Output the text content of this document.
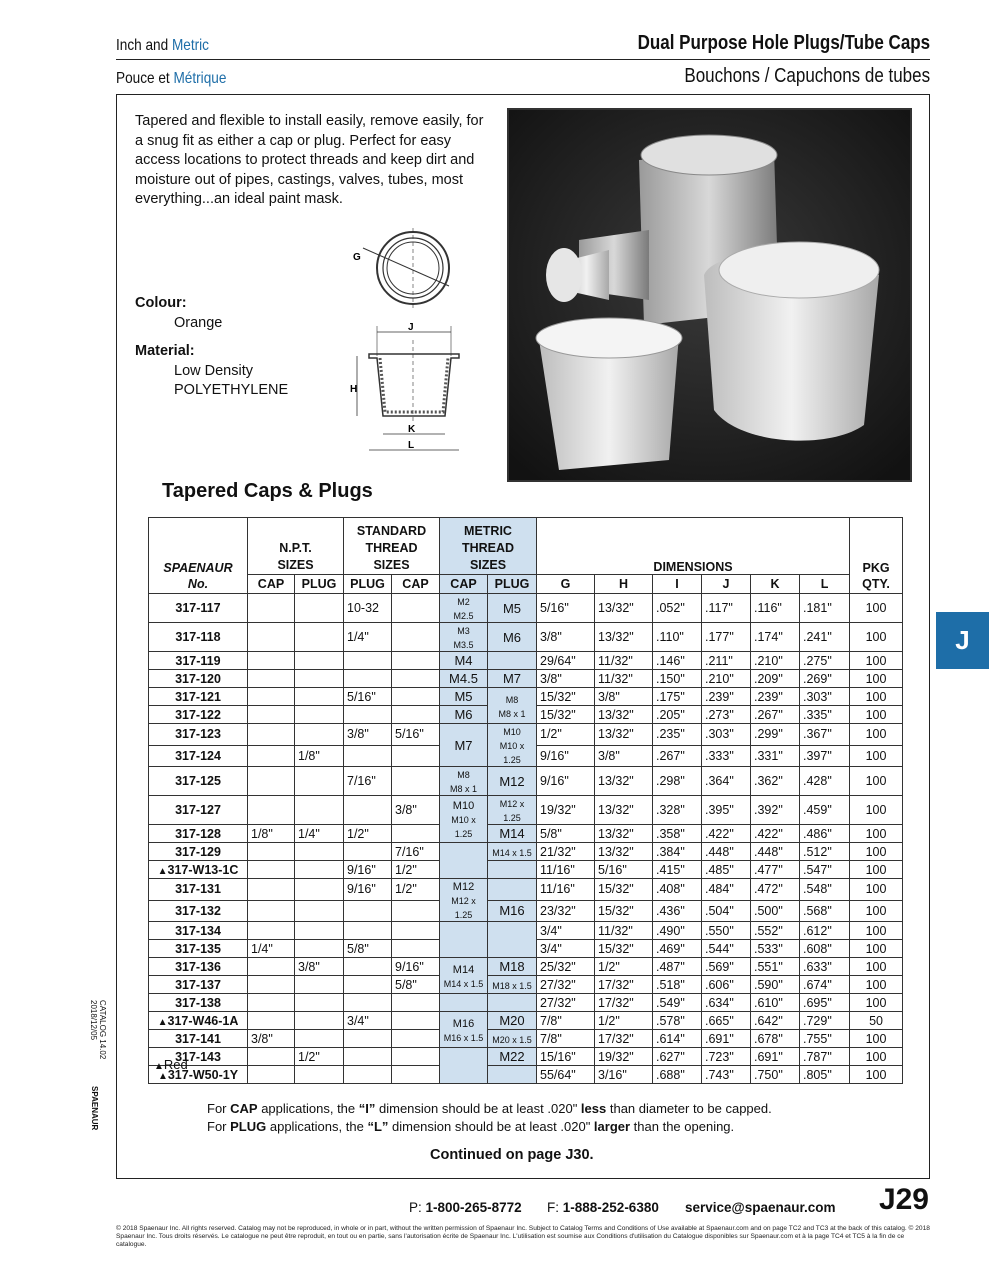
Inch and Metric	Dual Purpose Hole Plugs/Tube Caps
Pouce et Métrique	Bouchons / Capuchons de tubes
Tapered and flexible to install easily, remove easily, for a snug fit as either a cap or plug. Perfect for easy access locations to protect threads and keep dirt and moisture out of pipes, castings, valves, tubes, most everything...an ideal paint mask.
G
J
H
K
L
Colour:
Orange
Material:
Low Density
POLYETHYLENE
Tapered Caps & Plugs
SPAENAUR	N.P.T.
SIZES		STANDARD
THREAD
SIZES		METRIC
THREAD
SIZES		DIMENSIONS						PKG

No.	CAP	PLUG	PLUG	CAP	CAP	PLUG	G	H	I	J	K	L	QTY.
317-117			10-32		M2
M2.5	M5	5/16"	13/32"	.052"	.117"	.116"	.181"	100
317-118			1/4"		M3
M3.5	M6	3/8"	13/32"	.110"	.177"	.174"	.241"	100
317-119					M4		29/64"	11/32"	.146"	.211"	.210"	.275"	100
317-120					M4.5	M7	3/8"	11/32"	.150"	.210"	.209"	.269"	100
317-121			5/16"		M5	M8
M8 x 1	15/32"	3/8"	.175"	.239"	.239"	.303"	100
317-122					M6		15/32"	13/32"	.205"	.273"	.267"	.335"	100
317-123			3/8"	5/16"	M7	M10
M10 x 1.25	1/2"	13/32"	.235"	.303"	.299"	.367"	100
317-124		1/8"					9/16"	3/8"	.267"	.333"	.331"	.397"	100
317-125			7/16"		M8
M8 x 1	M12	9/16"	13/32"	.298"	.364"	.362"	.428"	100
317-127				3/8"	M10
M10 x 1.25	M12 x 1.25	19/32"	13/32"	.328"	.395"	.392"	.459"	100
317-128	1/8"	1/4"	1/2"			M14	5/8"	13/32"	.358"	.422"	.422"	.486"	100
317-129				7/16"		M14 x 1.5	21/32"	13/32"	.384"	.448"	.448"	.512"	100
▲317-W13-1C			9/16"	1/2"			11/16"	5/16"	.415"	.485"	.477"	.547"	100
317-131			9/16"	1/2"	M12
M12 x 1.25		11/16"	15/32"	.408"	.484"	.472"	.548"	100
317-132						M16	23/32"	15/32"	.436"	.504"	.500"	.568"	100
317-134							3/4"	11/32"	.490"	.550"	.552"	.612"	100
317-135	1/4"		5/8"				3/4"	15/32"	.469"	.544"	.533"	.608"	100
317-136		3/8"		9/16"	M14
M14 x 1.5	M18	25/32"	1/2"	.487"	.569"	.551"	.633"	100
317-137				5/8"		M18 x 1.5	27/32"	17/32"	.518"	.606"	.590"	.674"	100
317-138							27/32"	17/32"	.549"	.634"	.610"	.695"	100
▲317-W46-1A			3/4"		M16
M16 x 1.5	M20	7/8"	1/2"	.578"	.665"	.642"	.729"	50
317-141	3/8"					M20 x 1.5	7/8"	17/32"	.614"	.691"	.678"	.755"	100
317-143		1/2"				M22	15/16"	19/32"	.627"	.723"	.691"	.787"	100
▲317-W50-1Y							55/64"	3/16"	.688"	.743"	.750"	.805"	100
▲Red
For CAP applications, the “I” dimension should be at least .020" less than diameter to be capped.
For PLUG applications, the “L” dimension should be at least .020" larger than the opening.
Continued on page J30.
J
CATALOG 14.02
2018/12/05
SPAENAUR
P: 1-800-265-8772 F: 1-888-252-6380 service@spaenaur.com J29
© 2018 Spaenaur Inc. All rights reserved. Catalog may not be reproduced, in whole or in part, without the written permission of Spaenaur Inc. Subject to Catalog Terms and Conditions of Use available at Spaenaur.com and on page TC2 and TC3 at the back of this catalog. © 2018 Spaenaur Inc. Tous droits réservés. Le catalogue ne peut être reproduit, en tout ou en partie, sans l'autorisation écrite de Spaenaur Inc. L'utilisation est soumise aux Conditions d'utilisation du Catalogue disponibles sur Spaenaur.com et à la page TC4 et TC5 à la fin de ce catalogue.
